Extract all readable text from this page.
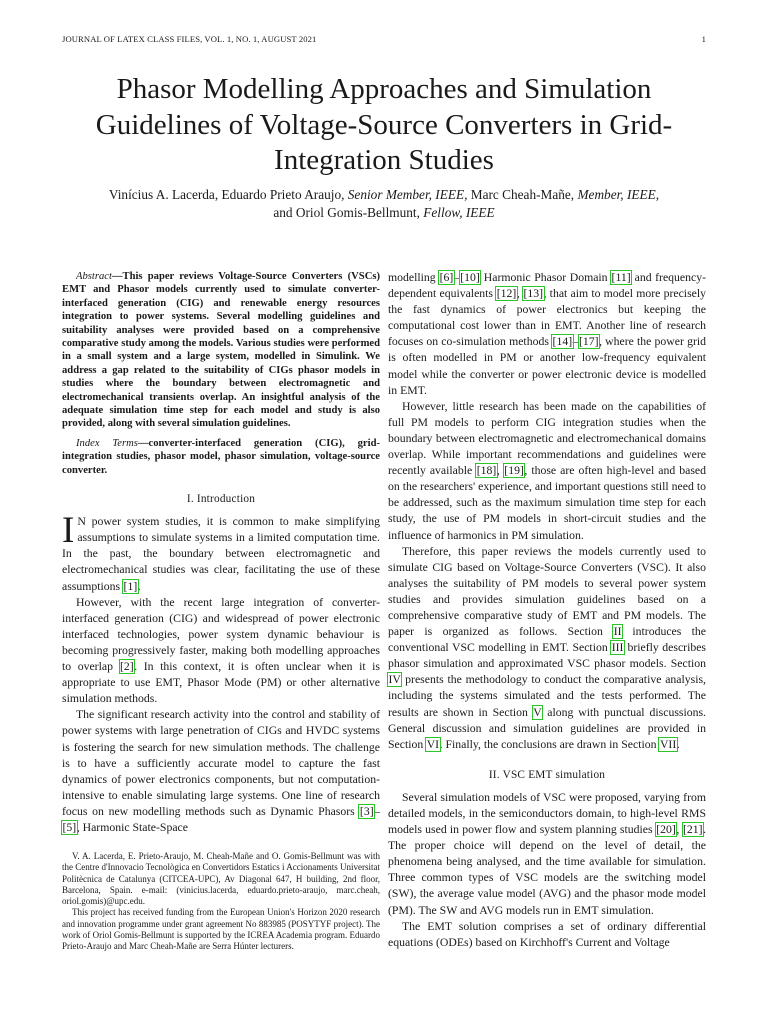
JOURNAL OF LATEX CLASS FILES, VOL. 1, NO. 1, AUGUST 2021	1
Phasor Modelling Approaches and Simulation Guidelines of Voltage-Source Converters in Grid-Integration Studies
Vinícius A. Lacerda, Eduardo Prieto Araujo, Senior Member, IEEE, Marc Cheah-Mañe, Member, IEEE,
and Oriol Gomis-Bellmunt, Fellow, IEEE

Abstract—This paper reviews Voltage-Source Converters (VSCs) EMT and Phasor models currently used to simulate converter-interfaced generation (CIG) and renewable energy resources integration to power systems. Several modelling guidelines and suitability analyses were provided based on a comprehensive comparative study among the models. Various studies were performed in a small system and a large system, modelled in Simulink. We address a gap related to the suitability of CIGs phasor models in studies where the boundary between electromagnetic and electromechanical transients overlap. An insightful analysis of the adequate simulation time step for each model and study is also provided, along with several simulation guidelines.

Index Terms—converter-interfaced generation (CIG), grid-integration studies, phasor model, phasor simulation, voltage-source converter.

I. Introduction

I N power system studies, it is common to make simplifying assumptions to simulate systems in a limited computation time. In the past, the boundary between electromagnetic and electromechanical studies was clear, facilitating the use of these assumptions [1].

However, with the recent large integration of converter-interfaced generation (CIG) and widespread of power electronic interfaced technologies, power system dynamic behaviour is becoming progressively faster, making both modelling approaches to overlap [2]. In this context, it is often unclear when it is appropriate to use EMT, Phasor Mode (PM) or other alternative simulation methods.

The significant research activity into the control and stability of power systems with large penetration of CIGs and HVDC systems is fostering the search for new simulation methods. The challenge is to have a sufficiently accurate model to capture the fast dynamics of power electronics components, but not computation-intensive to enable simulating large systems. One line of research focus on new modelling methods such as Dynamic Phasors [3]–[5], Harmonic State-Space

V. A. Lacerda, E. Prieto-Araujo, M. Cheah-Mañe and O. Gomis-Bellmunt was with the Centre d'Innovacio Tecnològica en Convertidors Estatics i Accionaments Universitat Politècnica de Catalunya (CITCEA-UPC), Av Diagonal 647, H building, 2nd floor, Barcelona, Spain. e-mail: (vinicius.lacerda, eduardo.prieto-araujo, marc.cheah, oriol.gomis)@upc.edu.

This project has received funding from the European Union's Horizon 2020 research and innovation programme under grant agreement No 883985 (POSYTYF project). The work of Oriol Gomis-Bellmunt is supported by the ICREA Academia program. Eduardo Prieto-Araujo and Marc Cheah-Mañe are Serra Húnter lecturers.

modelling [6]–[10] Harmonic Phasor Domain [11] and frequency-dependent equivalents [12], [13], that aim to model more precisely the fast dynamics of power electronics but keeping the computational cost lower than in EMT. Another line of research focuses on co-simulation methods [14]–[17], where the power grid is often modelled in PM or another low-frequency equivalent model while the converter or power electronic device is modelled in EMT.

However, little research has been made on the capabilities of full PM models to perform CIG integration studies when the boundary between electromagnetic and electromechanical domains overlap. While important recommendations and guidelines were recently available [18], [19], those are often high-level and based on the researchers' experience, and important questions still need to be addressed, such as the maximum simulation time step for each study, the use of PM models in short-circuit studies and the influence of harmonics in PM simulation.

Therefore, this paper reviews the models currently used to simulate CIG based on Voltage-Source Converters (VSC). It also analyses the suitability of PM models to several power system studies and provides simulation guidelines based on a comprehensive comparative study of EMT and PM models. The paper is organized as follows. Section II introduces the conventional VSC modelling in EMT. Section III briefly describes phasor simulation and approximated VSC phasor models. Section IV presents the methodology to conduct the comparative analysis, including the systems simulated and the tests performed. The results are shown in Section V along with punctual discussions. General discussion and simulation guidelines are provided in Section VI. Finally, the conclusions are drawn in Section VII.

II. VSC EMT simulation

Several simulation models of VSC were proposed, varying from detailed models, in the semiconductors domain, to high-level RMS models used in power flow and system planning studies [20], [21]. The proper choice will depend on the level of detail, the phenomena being analysed, and the time available for simulation. Three common types of VSC models are the switching model (SW), the average value model (AVG) and the phasor mode model (PM). The SW and AVG models run in EMT simulation.

The EMT solution comprises a set of ordinary differential equations (ODEs) based on Kirchhoff's Current and Voltage
